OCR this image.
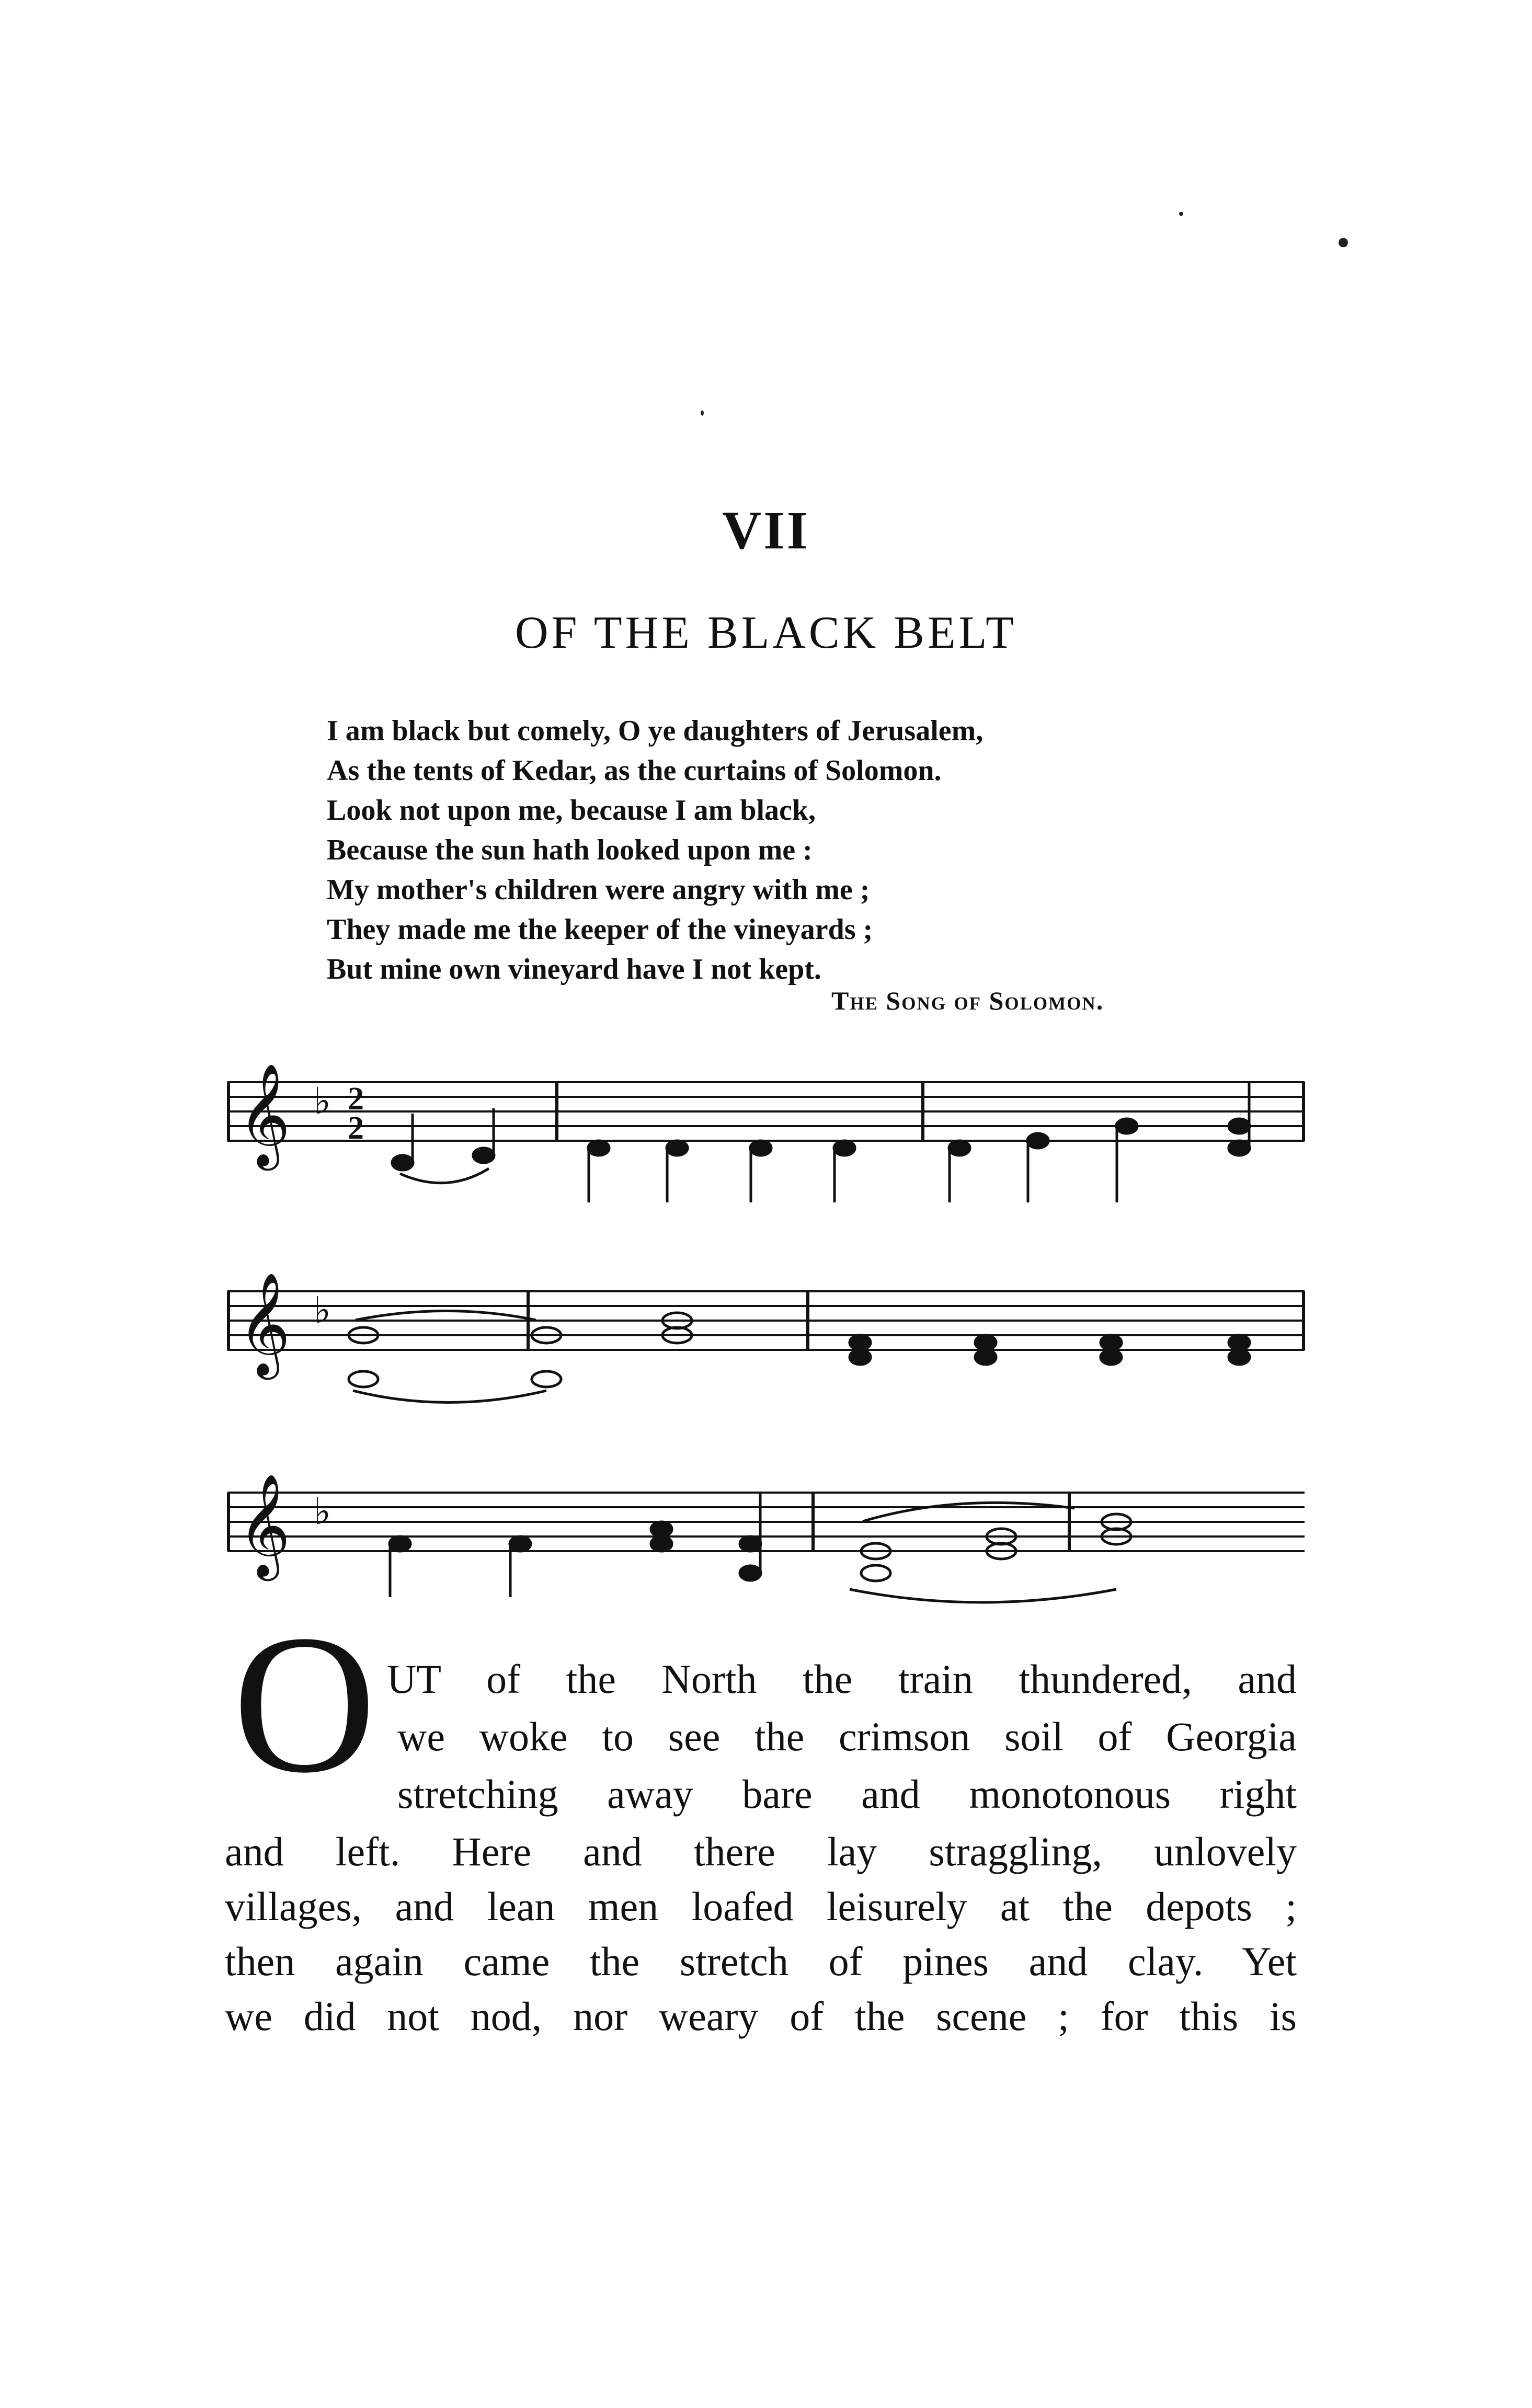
VII
OF THE BLACK BELT
I am black but comely, O ye daughters of Jerusalem,
As the tents of Kedar, as the curtains of Solomon.
Look not upon me, because I am black,
Because the sun hath looked upon me :
My mother's children were angry with me ;
They made me the keeper of the vineyards ;
But mine own vineyard have I not kept.
The Song of Solomon.
𝄞 ♭ 2
2
𝄞 ♭
𝄞 ♭
O UT of the North the train thundered, and
we woke to see the crimson soil of Georgia
stretching away bare and monotonous right
and left. Here and there lay straggling, unlovely
villages, and lean men loafed leisurely at the depots ;
then again came the stretch of pines and clay. Yet
we did not nod, nor weary of the scene ; for this is
